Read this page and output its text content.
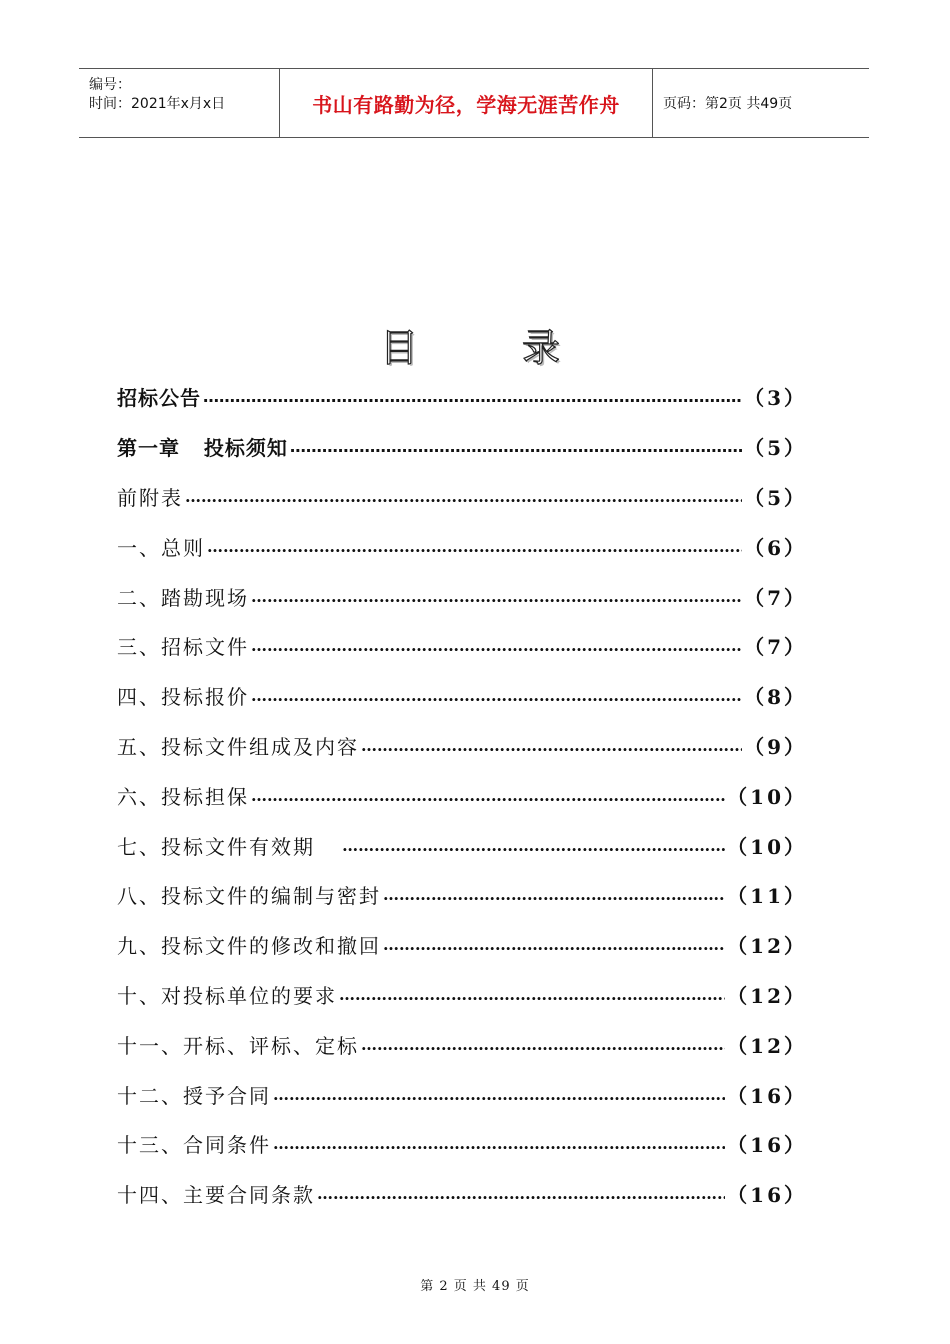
编号：
时间：2021年x月x日	书山有路勤为径，学海无涯苦作舟	页码：第2页 共49页
目	录
招标公告 …………………………………………………………………………………………………………………………………………………………	（3）
第一章   投标须知 …………………………………………………………………………………………………………………………………………………………	（5）
前附表 …………………………………………………………………………………………………………………………………………………………	（5）
一、总则 …………………………………………………………………………………………………………………………………………………………	（6）
二、踏勘现场 …………………………………………………………………………………………………………………………………………………………	（7）
三、招标文件 …………………………………………………………………………………………………………………………………………………………	（7）
四、投标报价 …………………………………………………………………………………………………………………………………………………………	（8）
五、投标文件组成及内容 …………………………………………………………………………………………………………………………………………………………	（9）
六、投标担保 …………………………………………………………………………………………………………………………………………………………	（10）
七、投标文件有效期 …………………………………………………………………………………………………………………………………………………………	（10）
八、投标文件的编制与密封 …………………………………………………………………………………………………………………………………………………………	（11）
九、投标文件的修改和撤回 …………………………………………………………………………………………………………………………………………………………	（12）
十、对投标单位的要求 …………………………………………………………………………………………………………………………………………………………	（12）
十一、开标、评标、定标 …………………………………………………………………………………………………………………………………………………………	（12）
十二、授予合同 …………………………………………………………………………………………………………………………………………………………	（16）
十三、合同条件 …………………………………………………………………………………………………………………………………………………………	（16）
十四、主要合同条款 …………………………………………………………………………………………………………………………………………………………	（16）
第 2 页 共 49 页
